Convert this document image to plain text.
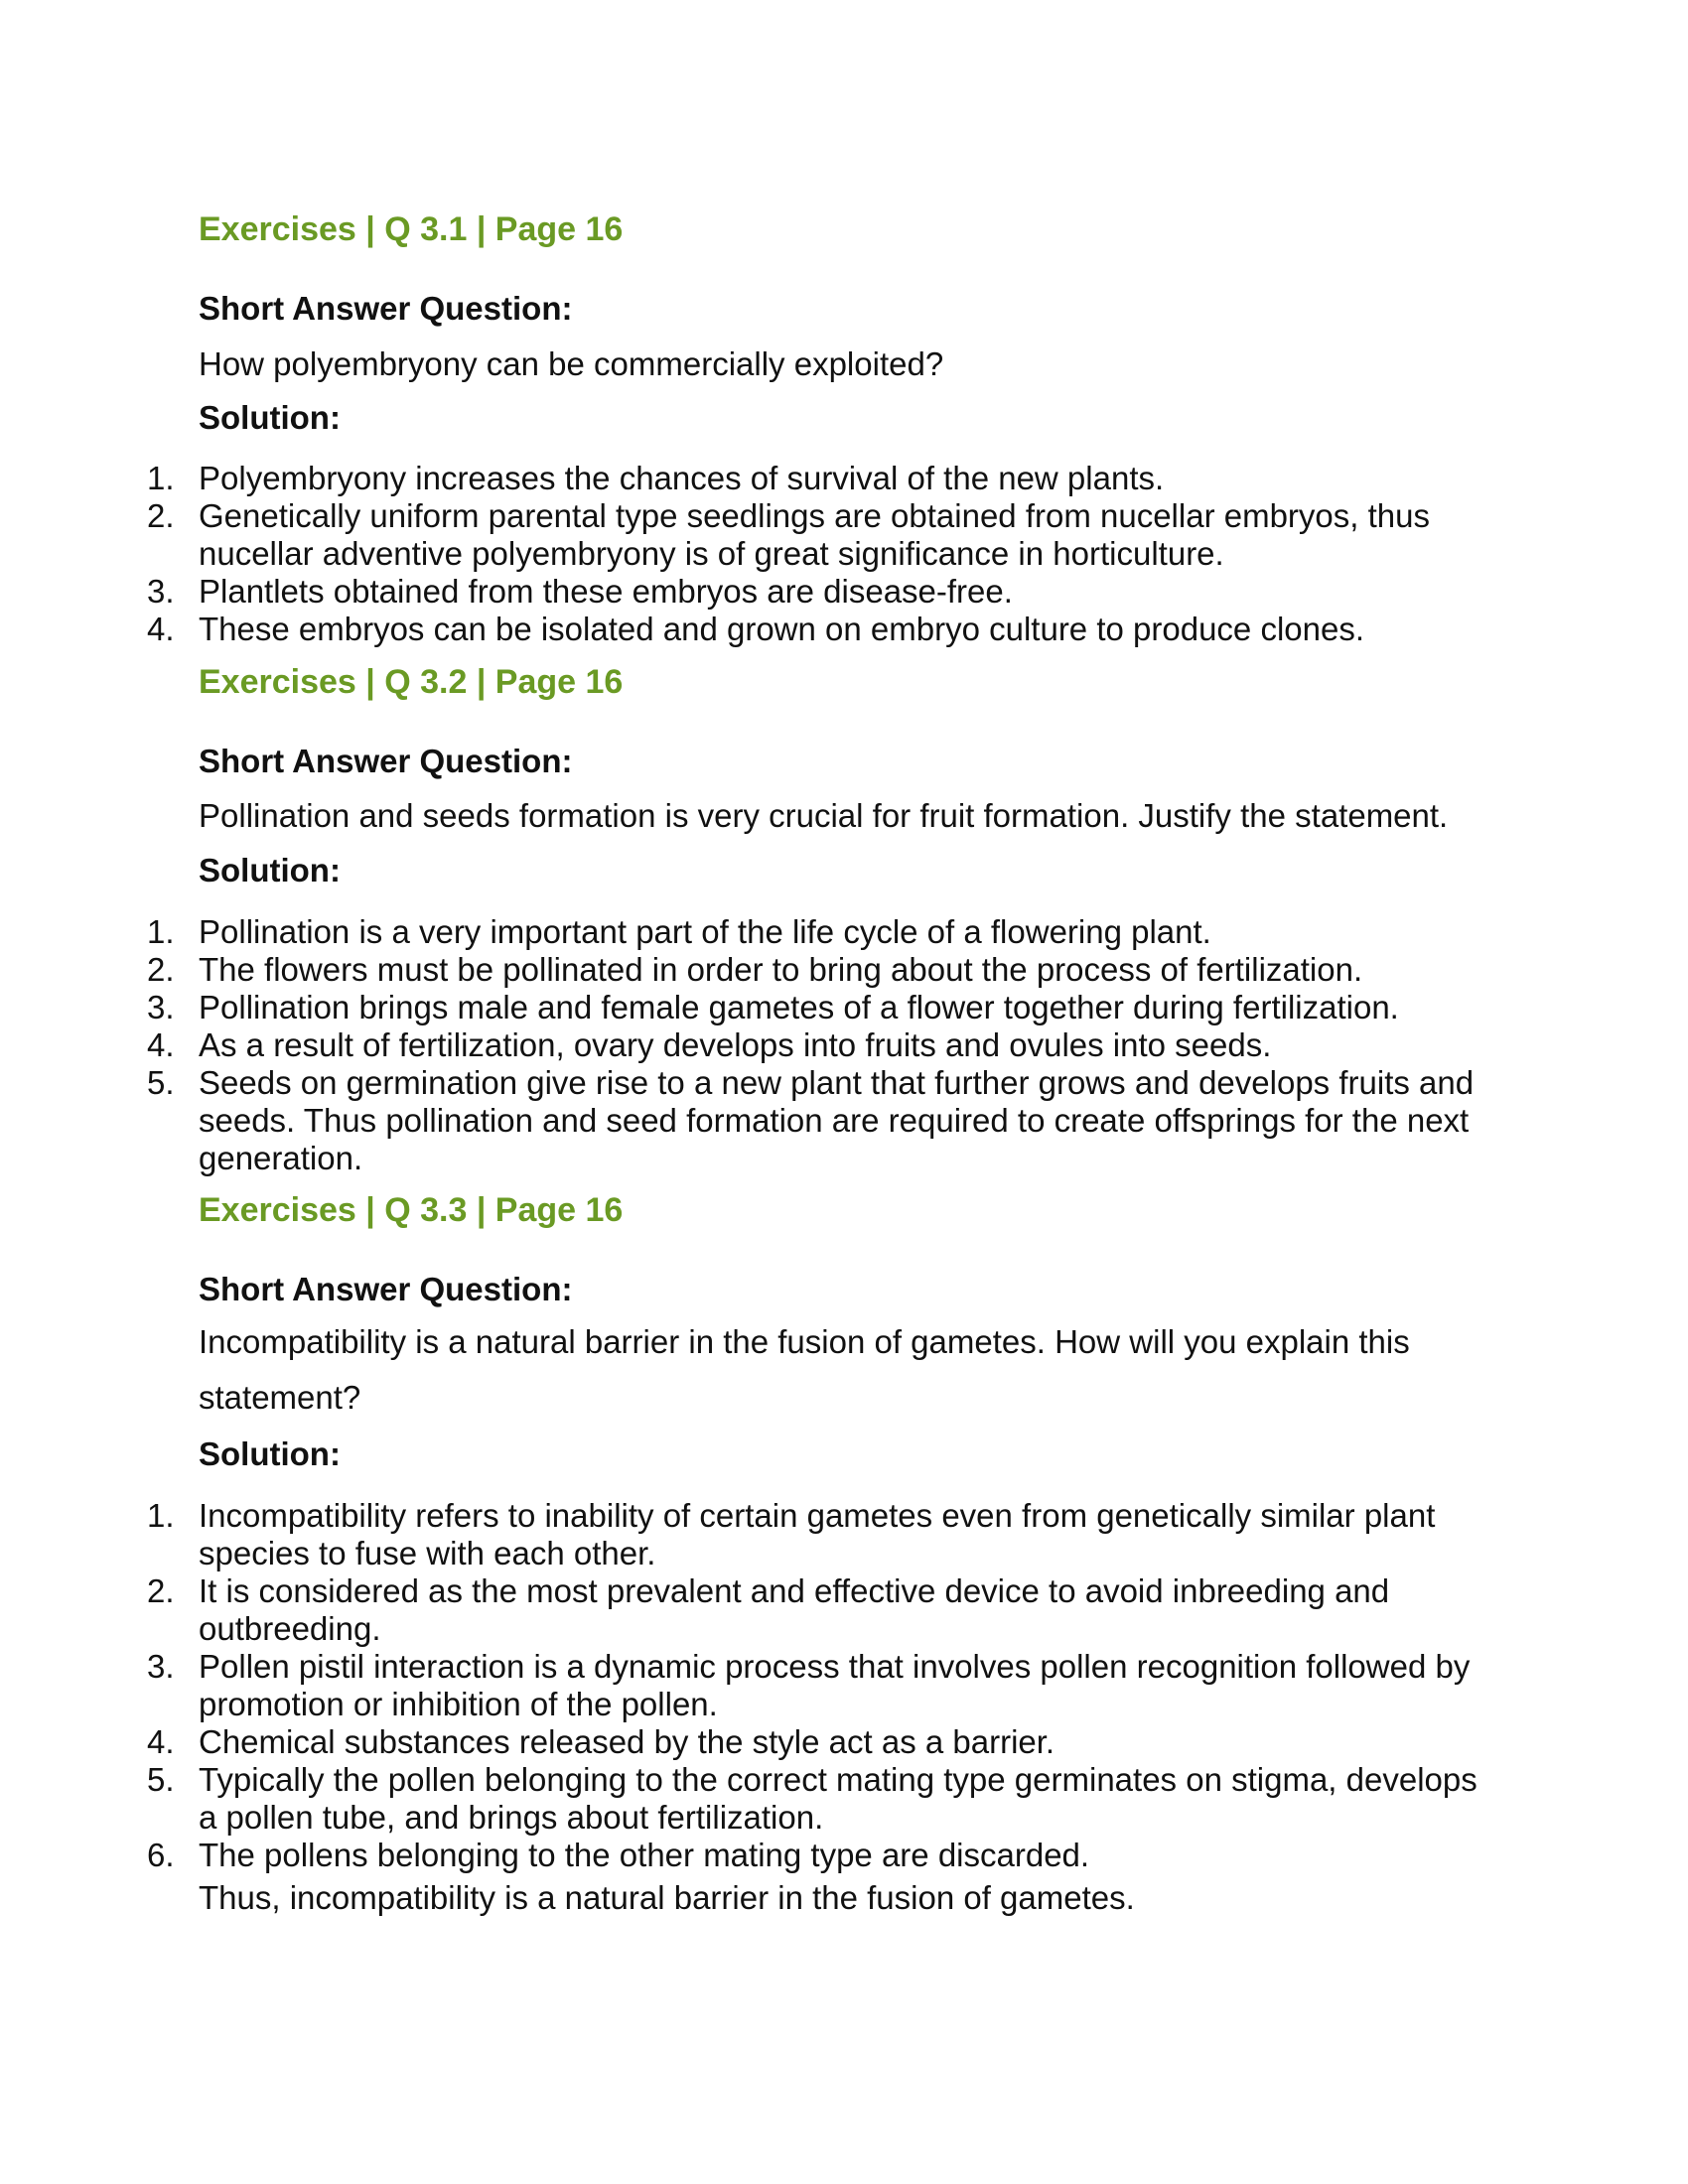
Exercises | Q 3.1 | Page 16
Short Answer Question:

How polyembryony can be commercially exploited?

Solution:
1. Polyembryony increases the chances of survival of the new plants.
2. Genetically uniform parental type seedlings are obtained from nucellar embryos, thus nucellar adventive polyembryony is of great significance in horticulture.
3. Plantlets obtained from these embryos are disease-free.
4. These embryos can be isolated and grown on embryo culture to produce clones.
Exercises | Q 3.2 | Page 16
Short Answer Question:

Pollination and seeds formation is very crucial for fruit formation. Justify the statement.

Solution:
1. Pollination is a very important part of the life cycle of a flowering plant.
2. The flowers must be pollinated in order to bring about the process of fertilization.
3. Pollination brings male and female gametes of a flower together during fertilization.
4. As a result of fertilization, ovary develops into fruits and ovules into seeds.
5. Seeds on germination give rise to a new plant that further grows and develops fruits and seeds. Thus pollination and seed formation are required to create offsprings for the next generation.
Exercises | Q 3.3 | Page 16
Short Answer Question:

Incompatibility is a natural barrier in the fusion of gametes. How will you explain this statement?

Solution:
1. Incompatibility refers to inability of certain gametes even from genetically similar plant species to fuse with each other.
2. It is considered as the most prevalent and effective device to avoid inbreeding and outbreeding.
3. Pollen pistil interaction is a dynamic process that involves pollen recognition followed by promotion or inhibition of the pollen.
4. Chemical substances released by the style act as a barrier.
5. Typically the pollen belonging to the correct mating type germinates on stigma, develops a pollen tube, and brings about fertilization.
6. The pollens belonging to the other mating type are discarded.

Thus, incompatibility is a natural barrier in the fusion of gametes.
